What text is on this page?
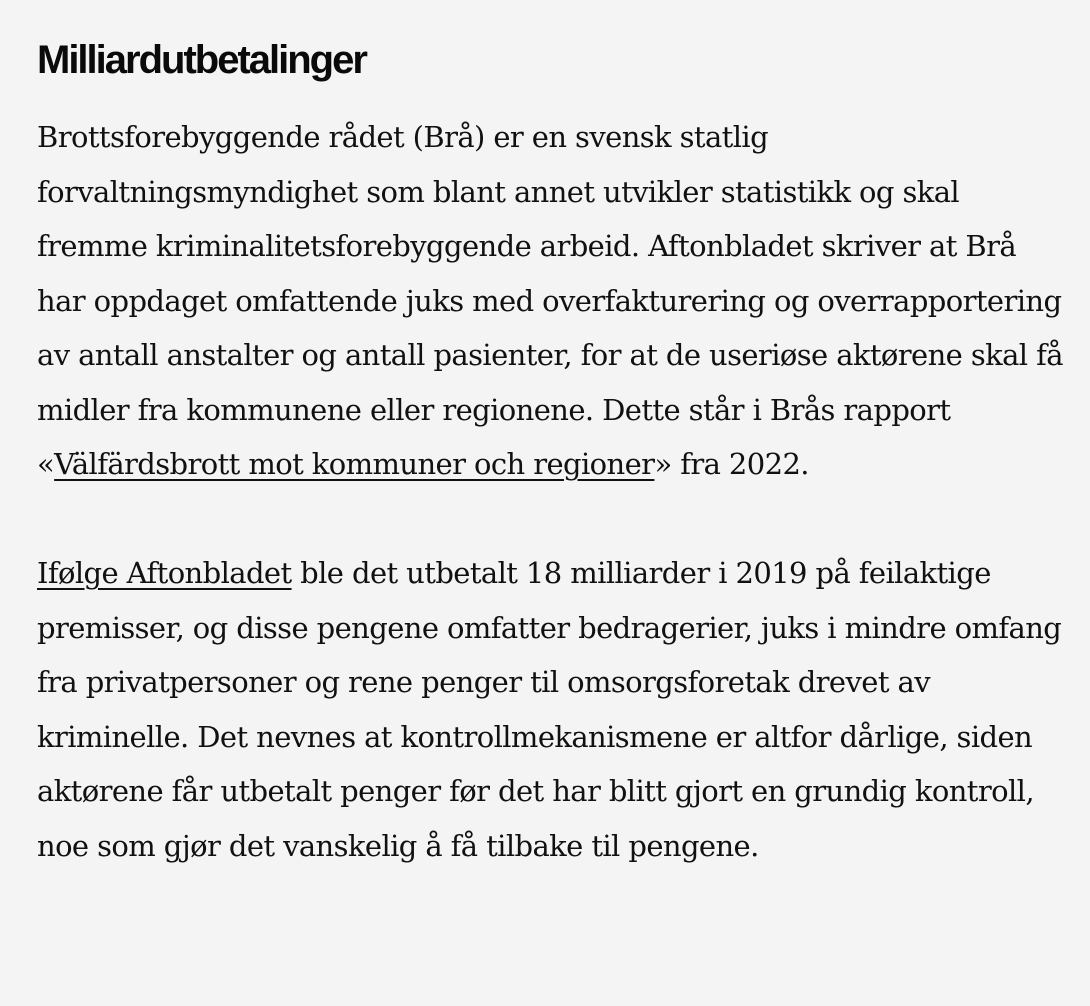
Milliardutbetalinger

Brottsforebyggende rådet (Brå) er en svensk statlig forvaltningsmyndighet som blant annet utvikler statistikk og skal fremme kriminalitetsforebyggende arbeid. Aftonbladet skriver at Brå har oppdaget omfattende juks med overfakturering og overrapportering av antall anstalter og antall pasienter, for at de useriøse aktørene skal få midler fra kommunene eller regionene. Dette står i Brås rapport «Välfärdsbrott mot kommuner och regioner» fra 2022.

Ifølge Aftonbladet ble det utbetalt 18 milliarder i 2019 på feilaktige premisser, og disse pengene omfatter bedragerier, juks i mindre omfang fra privatpersoner og rene penger til omsorgsforetak drevet av kriminelle. Det nevnes at kontrollmekanismene er altfor dårlige, siden aktørene får utbetalt penger før det har blitt gjort en grundig kontroll, noe som gjør det vanskelig å få tilbake til pengene.
